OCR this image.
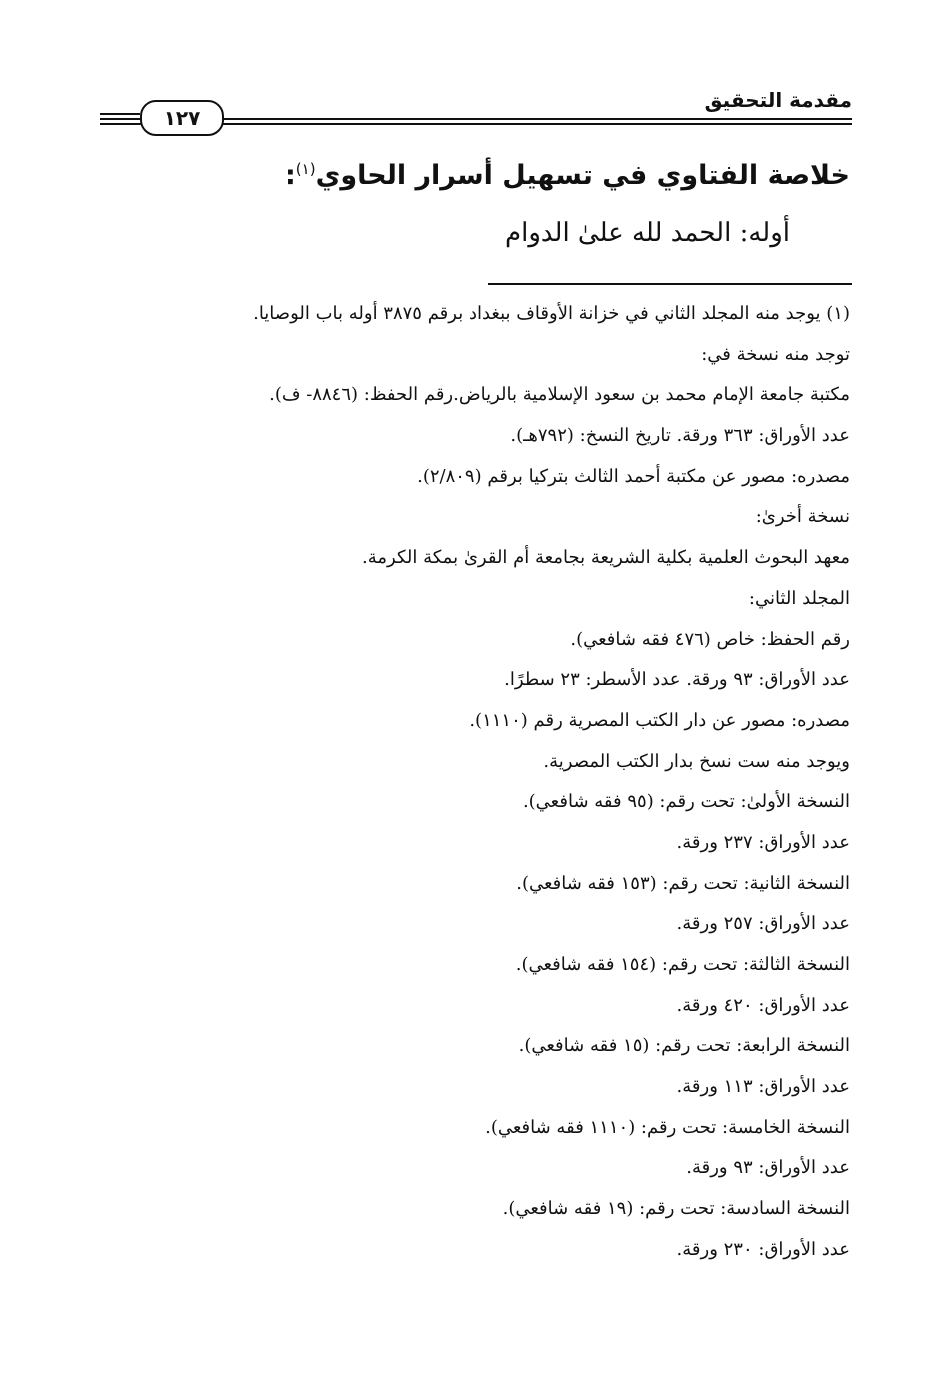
مقدمة التحقيق
١٢٧
خلاصة الفتاوي في تسهيل أسرار الحاوي$^{(١)}$:
أوله: الحمد لله علىٰ الدوام
(١) يوجد منه المجلد الثاني في خزانة الأوقاف ببغداد برقم ٣٨٧٥ أوله باب الوصايا.
توجد منه نسخة في:
مكتبة جامعة الإمام محمد بن سعود الإسلامية بالرياض.رقم الحفظ: (٨٨٤٦- ف).
عدد الأوراق: ٣٦٣ ورقة. تاريخ النسخ: (٧٩٢هـ).
مصدره: مصور عن مكتبة أحمد الثالث بتركيا برقم (٢/٨٠٩).
نسخة أخرىٰ:
معهد البحوث العلمية بكلية الشريعة بجامعة أم القرىٰ بمكة الكرمة.
المجلد الثاني:
رقم الحفظ: خاص (٤٧٦ فقه شافعي).
عدد الأوراق: ٩٣ ورقة. عدد الأسطر: ٢٣ سطرًا.
مصدره: مصور عن دار الكتب المصرية رقم (١١١٠).
ويوجد منه ست نسخ بدار الكتب المصرية.
النسخة الأولىٰ: تحت رقم: (٩٥ فقه شافعي).
عدد الأوراق: ٢٣٧ ورقة.
النسخة الثانية: تحت رقم: (١٥٣ فقه شافعي).
عدد الأوراق: ٢٥٧ ورقة.
النسخة الثالثة: تحت رقم: (١٥٤ فقه شافعي).
عدد الأوراق: ٤٢٠ ورقة.
النسخة الرابعة: تحت رقم: (١٥ فقه شافعي).
عدد الأوراق: ١١٣ ورقة.
النسخة الخامسة: تحت رقم: (١١١٠ فقه شافعي).
عدد الأوراق: ٩٣ ورقة.
النسخة السادسة: تحت رقم: (١٩ فقه شافعي).
عدد الأوراق: ٢٣٠ ورقة.
